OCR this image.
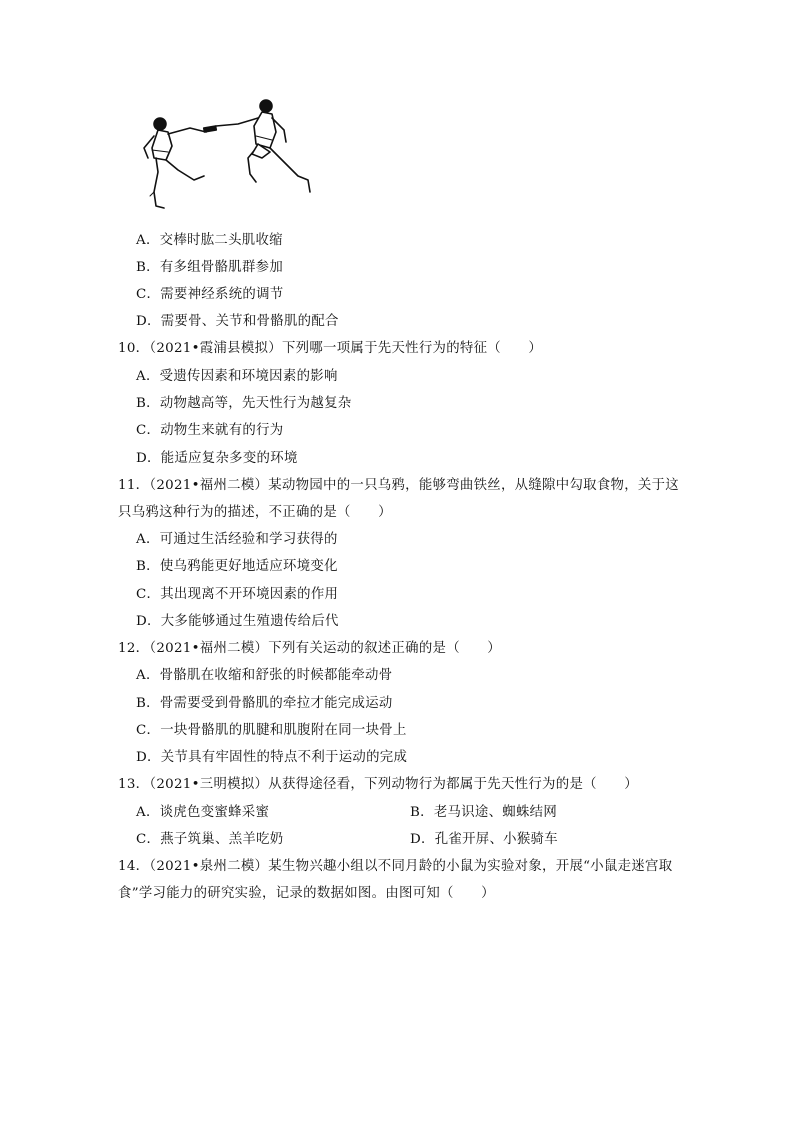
A．交棒时肱二头肌收缩
B．有多组骨骼肌群参加
C．需要神经系统的调节
D．需要骨、关节和骨骼肌的配合
10．（2021•霞浦县模拟）下列哪一项属于先天性行为的特征（　　）
A．受遗传因素和环境因素的影响
B．动物越高等，先天性行为越复杂
C．动物生来就有的行为
D．能适应复杂多变的环境
11．（2021•福州二模）某动物园中的一只乌鸦，能够弯曲铁丝，从缝隙中勾取食物，关于这
只乌鸦这种行为的描述，不正确的是（　　）
A．可通过生活经验和学习获得的
B．使乌鸦能更好地适应环境变化
C．其出现离不开环境因素的作用
D．大多能够通过生殖遗传给后代
12．（2021•福州二模）下列有关运动的叙述正确的是（　　）
A．骨骼肌在收缩和舒张的时候都能牵动骨
B．骨需要受到骨骼肌的牵拉才能完成运动
C．一块骨骼肌的肌腱和肌腹附在同一块骨上
D．关节具有牢固性的特点不利于运动的完成
13．（2021•三明模拟）从获得途径看，下列动物行为都属于先天性行为的是（　　）
A．谈虎色变蜜蜂采蜜	B．老马识途、蜘蛛结网
C．燕子筑巢、羔羊吃奶	D．孔雀开屏、小猴骑车
14．（2021•泉州二模）某生物兴趣小组以不同月龄的小鼠为实验对象，开展“小鼠走迷宫取
食”学习能力的研究实验，记录的数据如图。由图可知（　　）
